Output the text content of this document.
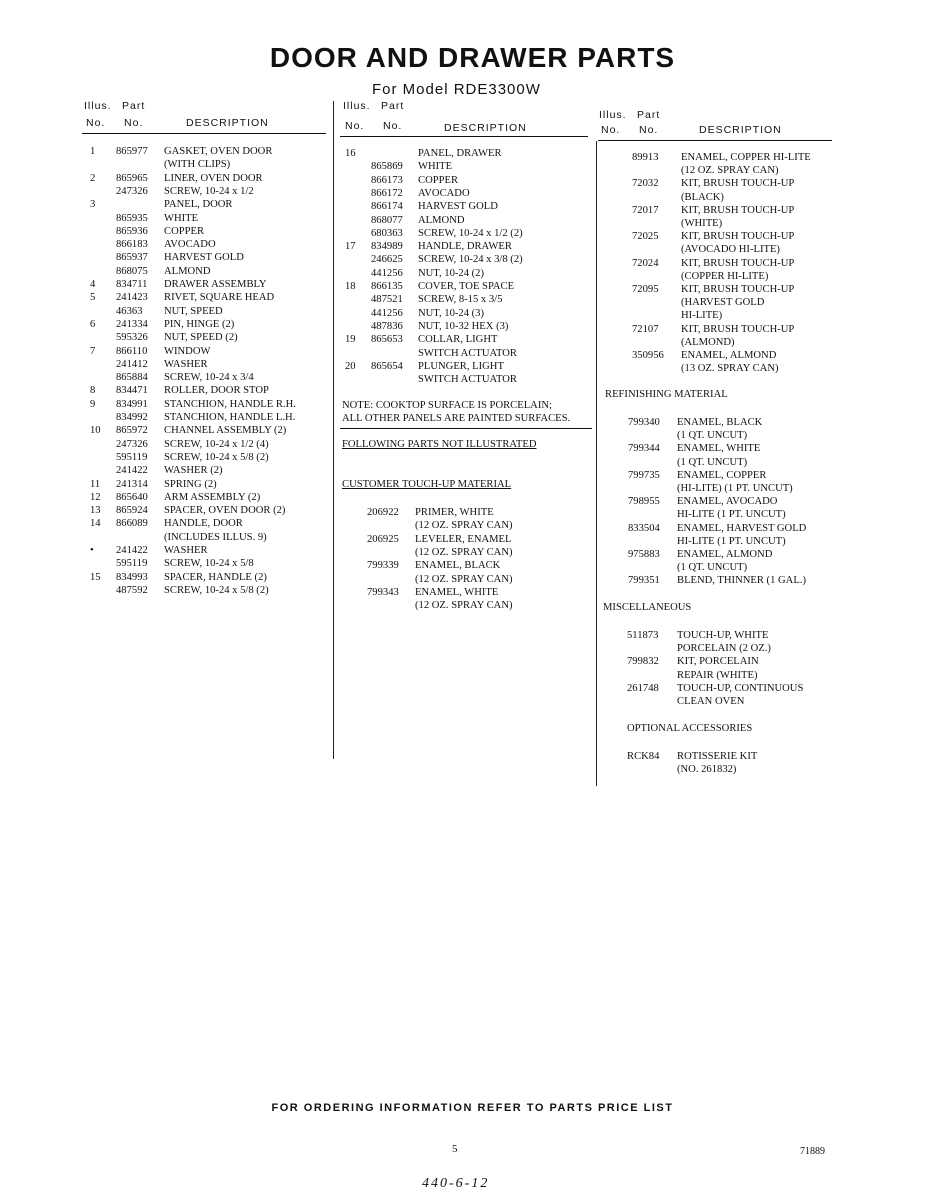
DOOR AND DRAWER PARTS
For Model RDE3300W
Illus. Part
No. No.	DESCRIPTION
Illus. Part
No. No.	DESCRIPTION
Illus. Part
No. No.	DESCRIPTION
1 865977 GASKET, OVEN DOOR
(WITH CLIPS)
2 865965 LINER, OVEN DOOR
247326 SCREW, 10-24 x 1/2
3	PANEL, DOOR
865935 WHITE
865936 COPPER
866183 AVOCADO
865937 HARVEST GOLD
868075 ALMOND
4 834711 DRAWER ASSEMBLY
5 241423 RIVET, SQUARE HEAD
46363 NUT, SPEED
6 241334 PIN, HINGE (2)
595326 NUT, SPEED (2)
7 866110 WINDOW
241412 WASHER
865884 SCREW, 10-24 x 3/4
8 834471 ROLLER, DOOR STOP
9 834991 STANCHION, HANDLE R.H.
834992 STANCHION, HANDLE L.H.
10 865972 CHANNEL ASSEMBLY (2)
247326 SCREW, 10-24 x 1/2 (4)
595119 SCREW, 10-24 x 5/8 (2)
241422 WASHER (2)
11 241314 SPRING (2)
12 865640 ARM ASSEMBLY (2)
13 865924 SPACER, OVEN DOOR (2)
14 866089 HANDLE, DOOR
(INCLUDES ILLUS. 9)
• 241422 WASHER
595119 SCREW, 10-24 x 5/8
15 834993 SPACER, HANDLE (2)
487592 SCREW, 10-24 x 5/8 (2)
16	PANEL, DRAWER
865869 WHITE
866173 COPPER
866172 AVOCADO
866174 HARVEST GOLD
868077 ALMOND
680363 SCREW, 10-24 x 1/2 (2)
17 834989 HANDLE, DRAWER
246625 SCREW, 10-24 x 3/8 (2)
441256 NUT, 10-24 (2)
18 866135 COVER, TOE SPACE
487521 SCREW, 8-15 x 3/5
441256 NUT, 10-24 (3)
487836 NUT, 10-32 HEX (3)
19 865653 COLLAR, LIGHT
SWITCH ACTUATOR
20 865654 PLUNGER, LIGHT
SWITCH ACTUATOR
NOTE: COOKTOP SURFACE IS PORCELAIN;
ALL OTHER PANELS ARE PAINTED SURFACES.
FOLLOWING PARTS NOT ILLUSTRATED
CUSTOMER TOUCH-UP MATERIAL
206922 PRIMER, WHITE
(12 OZ. SPRAY CAN)
206925 LEVELER, ENAMEL
(12 OZ. SPRAY CAN)
799339 ENAMEL, BLACK
(12 OZ. SPRAY CAN)
799343 ENAMEL, WHITE
(12 OZ. SPRAY CAN)
89913 ENAMEL, COPPER HI-LITE
(12 OZ. SPRAY CAN)
72032 KIT, BRUSH TOUCH-UP
(BLACK)
72017 KIT, BRUSH TOUCH-UP
(WHITE)
72025 KIT, BRUSH TOUCH-UP
(AVOCADO HI-LITE)
72024 KIT, BRUSH TOUCH-UP
(COPPER HI-LITE)
72095 KIT, BRUSH TOUCH-UP
(HARVEST GOLD
HI-LITE)
72107 KIT, BRUSH TOUCH-UP
(ALMOND)
350956 ENAMEL, ALMOND
(13 OZ. SPRAY CAN)
REFINISHING MATERIAL
799340 ENAMEL, BLACK
(1 QT. UNCUT)
799344 ENAMEL, WHITE
(1 QT. UNCUT)
799735 ENAMEL, COPPER
(HI-LITE) (1 PT. UNCUT)
798955 ENAMEL, AVOCADO
HI-LITE (1 PT. UNCUT)
833504 ENAMEL, HARVEST GOLD
HI-LITE (1 PT. UNCUT)
975883 ENAMEL, ALMOND
(1 QT. UNCUT)
799351 BLEND, THINNER (1 GAL.)
MISCELLANEOUS
511873 TOUCH-UP, WHITE
PORCELAIN (2 OZ.)
799832 KIT, PORCELAIN
REPAIR (WHITE)
261748 TOUCH-UP, CONTINUOUS
CLEAN OVEN
OPTIONAL ACCESSORIES
RCK84 ROTISSERIE KIT
(NO. 261832)
FOR ORDERING INFORMATION REFER TO PARTS PRICE LIST
5	71889
440-6-12
